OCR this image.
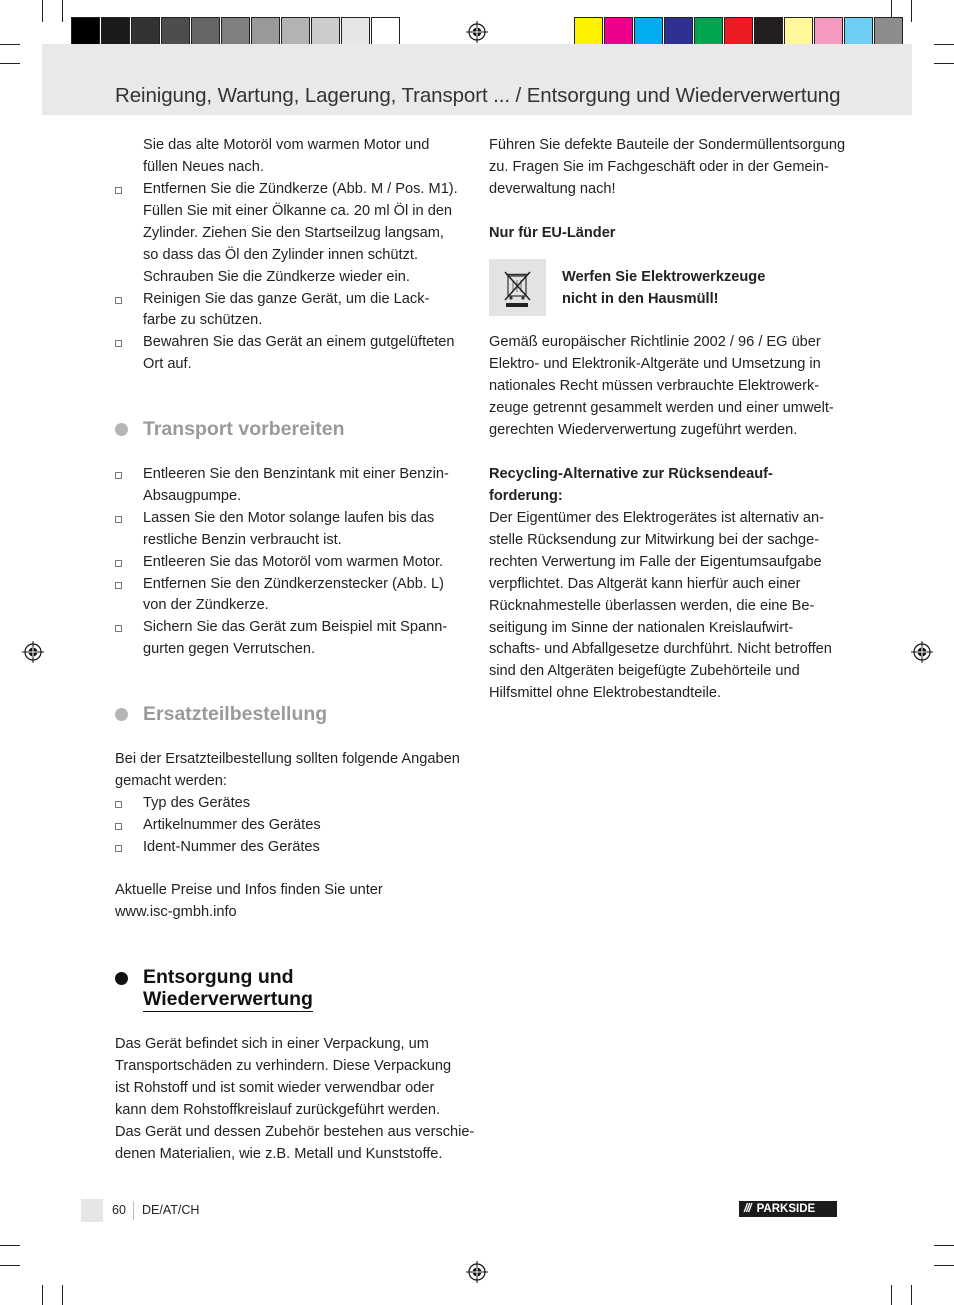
Reinigung, Wartung, Lagerung, Transport ... / Entsorgung und Wiederverwertung

Sie das alte Motoröl vom warmen Motor und

füllen Neues nach.

Entfernen Sie die Zündkerze (Abb. M / Pos. M1).

Füllen Sie mit einer Ölkanne ca. 20 ml Öl in den

Zylinder. Ziehen Sie den Startseilzug langsam,

so dass das Öl den Zylinder innen schützt.

Schrauben Sie die Zündkerze wieder ein.

Reinigen Sie das ganze Gerät, um die Lack-

farbe zu schützen.

Bewahren Sie das Gerät an einem gutgelüfteten

Ort auf.

Transport vorbereiten

Entleeren Sie den Benzintank mit einer Benzin-

Absaugpumpe.

Lassen Sie den Motor solange laufen bis das

restliche Benzin verbraucht ist.

Entleeren Sie das Motoröl vom warmen Motor.

Entfernen Sie den Zündkerzenstecker (Abb. L)

von der Zündkerze.

Sichern Sie das Gerät zum Beispiel mit Spann-

gurten gegen Verrutschen.

Ersatzteilbestellung

Bei der Ersatzteilbestellung sollten folgende Angaben

gemacht werden:

Typ des Gerätes

Artikelnummer des Gerätes

Ident-Nummer des Gerätes

Aktuelle Preise und Infos finden Sie unter

www.isc-gmbh.info

Entsorgung und
Wiederverwertung

Das Gerät befindet sich in einer Verpackung, um

Transportschäden zu verhindern. Diese Verpackung

ist Rohstoff und ist somit wieder verwendbar oder

kann dem Rohstoffkreislauf zurückgeführt werden.

Das Gerät und dessen Zubehör bestehen aus verschie-

denen Materialien, wie z.B. Metall und Kunststoffe.

Führen Sie defekte Bauteile der Sondermüllentsorgung

zu. Fragen Sie im Fachgeschäft oder in der Gemein-

deverwaltung nach!

Nur für EU-Länder

Werfen Sie Elektrowerkzeuge

nicht in den Hausmüll!

Gemäß europäischer Richtlinie 2002 / 96 / EG über

Elektro- und Elektronik-Altgeräte und Umsetzung in

nationales Recht müssen verbrauchte Elektrowerk-

zeuge getrennt gesammelt werden und einer umwelt-

gerechten Wiederverwertung zugeführt werden.

Recycling-Alternative zur Rücksendeauf-

forderung:

Der Eigentümer des Elektrogerätes ist alternativ an-

stelle Rücksendung zur Mitwirkung bei der sachge-

rechten Verwertung im Falle der Eigentumsaufgabe

verpflichtet. Das Altgerät kann hierfür auch einer

Rücknahmestelle überlassen werden, die eine Be-

seitigung im Sinne der nationalen Kreislaufwirt-

schafts- und Abfallgesetze durchführt. Nicht betroffen

sind den Altgeräten beigefügte Zubehörteile und

Hilfsmittel ohne Elektrobestandteile.

60 DE/AT/CH	/// PARKSIDE
